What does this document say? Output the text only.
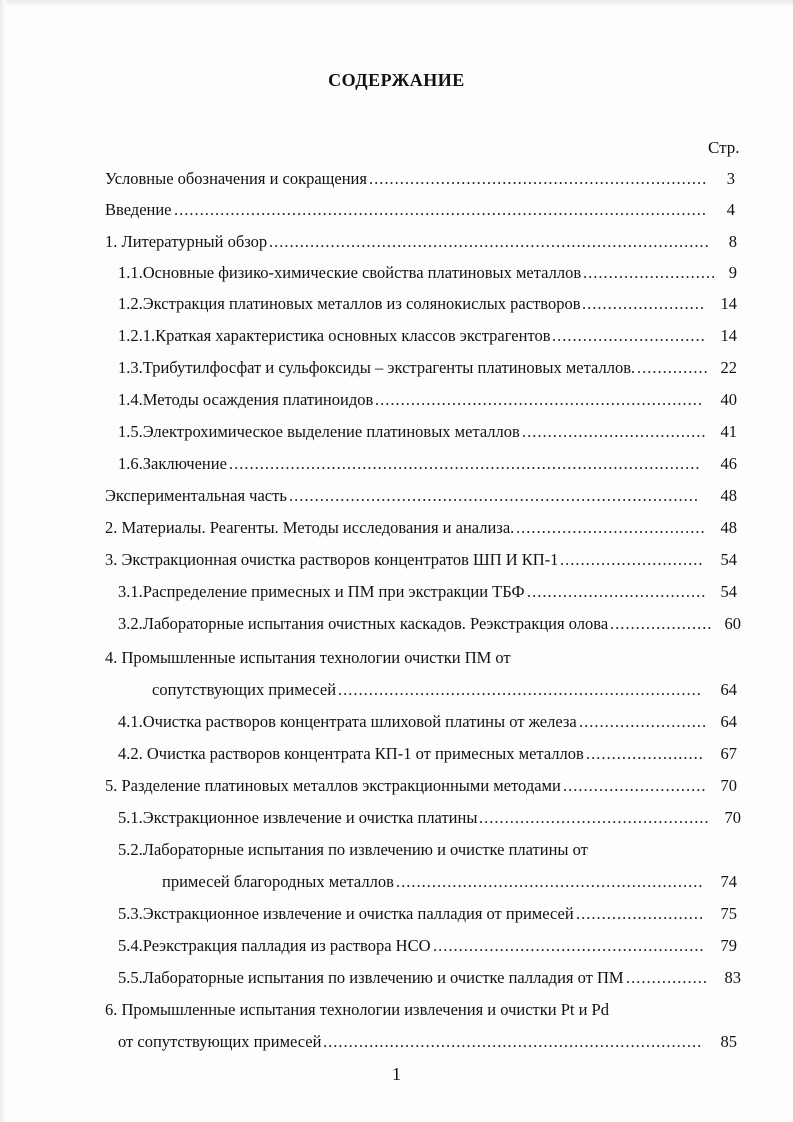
СОДЕРЖАНИЕ
Стр.
Условные обозначения и сокращения ..................................................................	3
Введение ........................................................................................................	4
1. Литературный обзор ......................................................................................	8
1.1.Основные физико-химические свойства платиновых металлов .......................... 9
1.2.Экстракция платиновых металлов из солянокислых растворов ........................ 14
1.2.1.Краткая характеристика основных классов экстрагентов .............................. 14
1.3.Трибутилфосфат и сульфоксиды – экстрагенты платиновых металлов. .............. 22
1.4.Методы осаждения платиноидов ................................................................	40
1.5.Электрохимическое выделение платиновых металлов .................................... 41
1.6.Заключение ............................................................................................	46
Экспериментальная часть ................................................................................	48
2. Материалы. Реагенты. Методы исследования и анализа. ..................................... 48
3. Экстракционная очистка растворов концентратов ШП И КП-1 ............................	54
3.1.Распределение примесных и ПМ при экстракции ТБФ ................................... 54
3.2.Лабораторные испытания очистных каскадов. Реэкстракция олова .................... 60
4. Промышленные испытания технологии очистки ПМ от
сопутствующих примесей .......................................................................	64
4.1.Очистка растворов концентрата шлиховой платины от железа ......................... 64
4.2. Очистка растворов концентрата КП-1 от примесных металлов .......................	67
5. Разделение платиновых металлов экстракционными методами ............................ 70
5.1.Экстракционное извлечение и очистка платины ............................................. 70
5.2.Лабораторные испытания по извлечению и очистке платины от
примесей благородных металлов ............................................................	74
5.3.Экстракционное извлечение и очистка палладия от примесей ......................... 75
5.4.Реэкстракция палладия из раствора НСО ..................................................... 79
5.5.Лабораторные испытания по извлечению и очистке палладия от ПМ ................	83
6. Промышленные испытания технологии извлечения и очистки Pt и Pd
от сопутствующих примесей ..........................................................................	85
1
